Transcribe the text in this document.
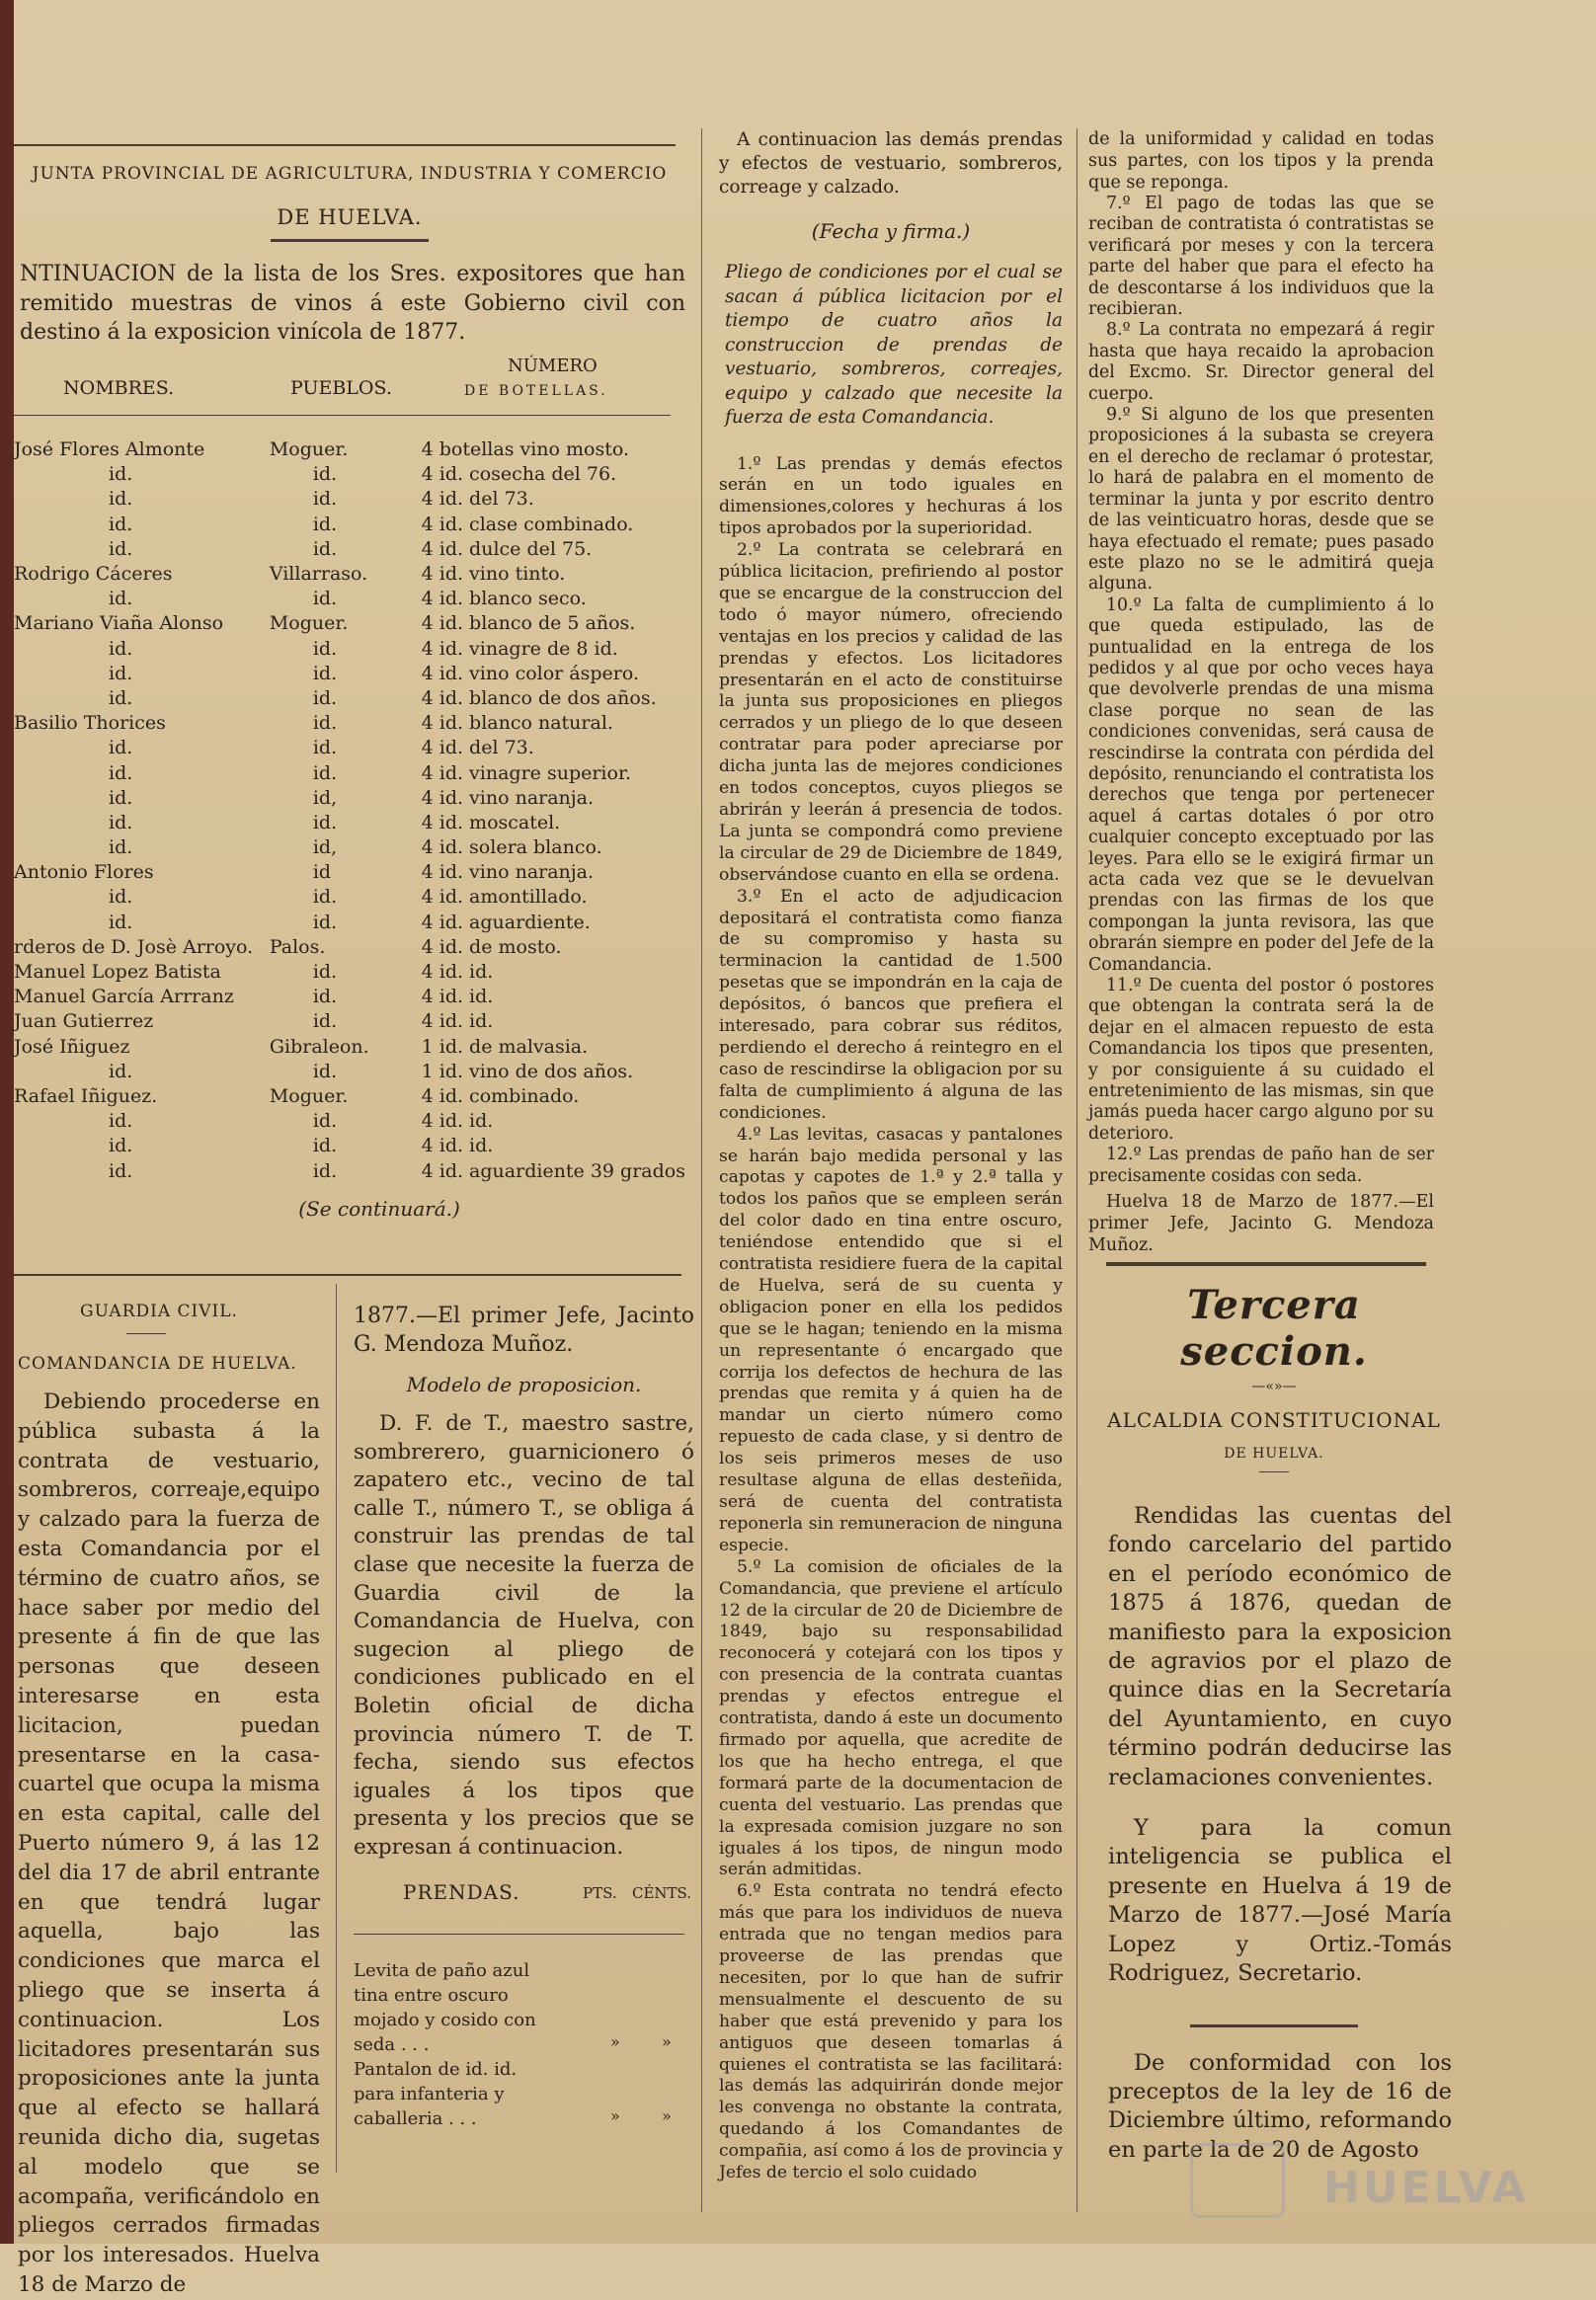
JUNTA PROVINCIAL DE AGRICULTURA, INDUSTRIA Y COMERCIO
DE HUELVA.

NTINUACION de la lista de los Sres. expositores que han remitido muestras de vinos á este Gobierno civil con destino á la exposicion vinícola de 1877.

NOMBRES.	PUEBLOS.
NÚMERO
DE BOTELLAS.
José Flores Almonte	Moguer.	4 botellas vino mosto.
id.	id.	4 id. cosecha del 76.
id.	id.	4 id. del 73.
id.	id.	4 id. clase combinado.
id.	id.	4 id. dulce del 75.
Rodrigo Cáceres	Villarraso.	4 id. vino tinto.
id.	id.	4 id. blanco seco.
Mariano Viaña Alonso	Moguer.	4 id. blanco de 5 años.
id.	id.	4 id. vinagre de 8 id.
id.	id.	4 id. vino color áspero.
id.	id.	4 id. blanco de dos años.
Basilio Thorices	id.	4 id. blanco natural.
id.	id.	4 id. del 73.
id.	id.	4 id. vinagre superior.
id.	id,	4 id. vino naranja.
id.	id.	4 id. moscatel.
id.	id,	4 id. solera blanco.
Antonio Flores	id	4 id. vino naranja.
id.	id.	4 id. amontillado.
id.	id.	4 id. aguardiente.
rderos de D. Josè Arroyo.	Palos.	4 id. de mosto.
Manuel Lopez Batista	id.	4 id. id.
Manuel García Arrranz	id.	4 id. id.
Juan Gutierrez	id.	4 id. id.
José Iñiguez	Gibraleon.	1 id. de malvasia.
id.	id.	1 id. vino de dos años.
Rafael Iñiguez.	Moguer.	4 id. combinado.
id.	id.	4 id. id.
id.	id.	4 id. id.
id.	id.	4 id. aguardiente 39 grados
(Se continuará.)
GUARDIA CIVIL.
COMANDANCIA DE HUELVA.

Debiendo procederse en pública subasta á la contrata de vestuario, sombreros, correaje,equipo y calzado para la fuerza de esta Comandancia por el término de cuatro años, se hace saber por medio del presente á fin de que las personas que deseen interesarse en esta licitacion, puedan presentarse en la casa-cuartel que ocupa la misma en esta capital, calle del Puerto número 9, á las 12 del dia 17 de abril entrante en que tendrá lugar aquella, bajo las condiciones que marca el pliego que se inserta á continuacion. Los licitadores presentarán sus proposiciones ante la junta que al efecto se hallará reunida dicho dia, sugetas al modelo que se acompaña, verificándolo en pliegos cerrados firmadas por los interesados. Huelva 18 de Marzo de

1877.—El primer Jefe, Jacinto G. Mendoza Muñoz.

Modelo de proposicion.

D. F. de T., maestro sastre, sombrerero, guarnicionero ó zapatero etc., vecino de tal calle T., número T., se obliga á construir las prendas de tal clase que necesite la fuerza de Guardia civil de la Comandancia de Huelva, con sugecion al pliego de condiciones publicado en el Boletin oficial de dicha provincia número T. de T. fecha, siendo sus efectos iguales á los tipos que presenta y los precios que se expresan á continuacion.

PRENDAS.	PTS. CÉNTS.
Levita de paño azul tina entre oscuro mojado y cosido con seda . . .	»	»
Pantalon de id. id. para infanteria y caballeria . . .	»	»

A continuacion las demás prendas y efectos de vestuario, sombreros, correage y calzado.

(Fecha y firma.)

Pliego de condiciones por el cual se sacan á pública licitacion por el tiempo de cuatro años la construccion de prendas de vestuario, sombreros, correajes, equipo y calzado que necesite la fuerza de esta Comandancia.

1.º Las prendas y demás efectos serán en un todo iguales en dimensiones,colores y hechuras á los tipos aprobados por la superioridad.

2.º La contrata se celebrará en pública licitacion, prefiriendo al postor que se encargue de la construccion del todo ó mayor número, ofreciendo ventajas en los precios y calidad de las prendas y efectos. Los licitadores presentarán en el acto de constituirse la junta sus proposiciones en pliegos cerrados y un pliego de lo que deseen contratar para poder apreciarse por dicha junta las de mejores condiciones en todos conceptos, cuyos pliegos se abrirán y leerán á presencia de todos. La junta se compondrá como previene la circular de 29 de Diciembre de 1849, observándose cuanto en ella se ordena.

3.º En el acto de adjudicacion depositará el contratista como fianza de su compromiso y hasta su terminacion la cantidad de 1.500 pesetas que se impondrán en la caja de depósitos, ó bancos que prefiera el interesado, para cobrar sus réditos, perdiendo el derecho á reintegro en el caso de rescindirse la obligacion por su falta de cumplimiento á alguna de las condiciones.

4.º Las levitas, casacas y pantalones se harán bajo medida personal y las capotas y capotes de 1.ª y 2.ª talla y todos los paños que se empleen serán del color dado en tina entre oscuro, teniéndose entendido que si el contratista residiere fuera de la capital de Huelva, será de su cuenta y obligacion poner en ella los pedidos que se le hagan; teniendo en la misma un representante ó encargado que corrija los defectos de hechura de las prendas que remita y á quien ha de mandar un cierto número como repuesto de cada clase, y si dentro de los seis primeros meses de uso resultase alguna de ellas desteñida, será de cuenta del contratista reponerla sin remuneracion de ninguna especie.

5.º La comision de oficiales de la Comandancia, que previene el artículo 12 de la circular de 20 de Diciembre de 1849, bajo su responsabilidad reconocerá y cotejará con los tipos y con presencia de la contrata cuantas prendas y efectos entregue el contratista, dando á este un documento firmado por aquella, que acredite de los que ha hecho entrega, el que formará parte de la documentacion de cuenta del vestuario. Las prendas que la expresada comision juzgare no son iguales á los tipos, de ningun modo serán admitidas.

6.º Esta contrata no tendrá efecto más que para los individuos de nueva entrada que no tengan medios para proveerse de las prendas que necesiten, por lo que han de sufrir mensualmente el descuento de su haber que está prevenido y para los antiguos que deseen tomarlas á quienes el contratista se las facilitará: las demás las adquirirán donde mejor les convenga no obstante la contrata, quedando á los Comandantes de compañia, así como á los de provincia y Jefes de tercio el solo cuidado

de la uniformidad y calidad en todas sus partes, con los tipos y la prenda que se reponga.

7.º El pago de todas las que se reciban de contratista ó contratistas se verificará por meses y con la tercera parte del haber que para el efecto ha de descontarse á los individuos que la recibieran.

8.º La contrata no empezará á regir hasta que haya recaido la aprobacion del Excmo. Sr. Director general del cuerpo.

9.º Si alguno de los que presenten proposiciones á la subasta se creyera en el derecho de reclamar ó protestar, lo hará de palabra en el momento de terminar la junta y por escrito dentro de las veinticuatro horas, desde que se haya efectuado el remate; pues pasado este plazo no se le admitirá queja alguna.

10.º La falta de cumplimiento á lo que queda estipulado, las de puntualidad en la entrega de los pedidos y al que por ocho veces haya que devolverle prendas de una misma clase porque no sean de las condiciones convenidas, será causa de rescindirse la contrata con pérdida del depósito, renunciando el contratista los derechos que tenga por pertenecer aquel á cartas dotales ó por otro cualquier concepto exceptuado por las leyes. Para ello se le exigirá firmar un acta cada vez que se le devuelvan prendas con las firmas de los que compongan la junta revisora, las que obrarán siempre en poder del Jefe de la Comandancia.

11.º De cuenta del postor ó postores que obtengan la contrata será la de dejar en el almacen repuesto de esta Comandancia los tipos que presenten, y por consiguiente á su cuidado el entretenimiento de las mismas, sin que jamás pueda hacer cargo alguno por su deterioro.

12.º Las prendas de paño han de ser precisamente cosidas con seda.

Huelva 18 de Marzo de 1877.—El primer Jefe, Jacinto G. Mendoza Muñoz.

Tercera seccion.
—«»—
ALCALDIA CONSTITUCIONAL
DE HUELVA.

Rendidas las cuentas del fondo carcelario del partido en el período económico de 1875 á 1876, quedan de manifiesto para la exposicion de agravios por el plazo de quince dias en la Secretaría del Ayuntamiento, en cuyo término podrán deducirse las reclamaciones convenientes.

Y para la comun inteligencia se publica el presente en Huelva á 19 de Marzo de 1877.—José María Lopez y Ortiz.-Tomás Rodriguez, Secretario.

De conformidad con los preceptos de la ley de 16 de Diciembre último, reformando en parte la de 20 de Agosto

HUELVA
